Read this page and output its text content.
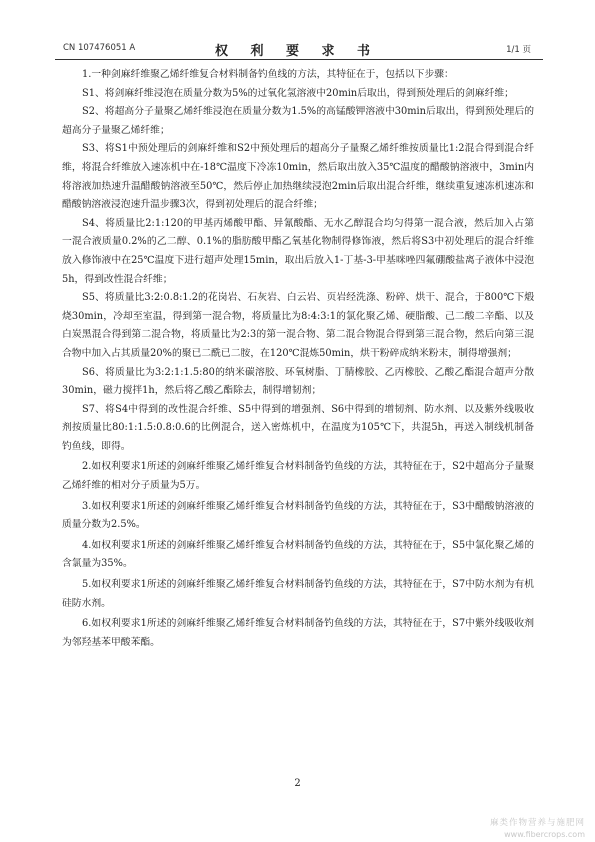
CN 107476051 A	权 利 要 求 书	1/1 页

1.一种剑麻纤维聚乙烯纤维复合材料制备钓鱼线的方法，其特征在于，包括以下步骤：

S1、将剑麻纤维浸泡在质量分数为5%的过氧化氢溶液中20min后取出，得到预处理后的剑麻纤维；

S2、将超高分子量聚乙烯纤维浸泡在质量分数为1.5%的高锰酸钾溶液中30min后取出，得到预处理后的超高分子量聚乙烯纤维；

S3、将S1中预处理后的剑麻纤维和S2中预处理后的超高分子量聚乙烯纤维按质量比1:2混合得到混合纤维，将混合纤维放入速冻机中在-18℃温度下冷冻10min，然后取出放入35℃温度的醋酸钠溶液中，3min内将溶液加热速升温醋酸钠溶液至50℃，然后停止加热继续浸泡2min后取出混合纤维，继续重复速冻机速冻和醋酸钠溶液浸泡速升温步骤3次，得到初处理后的混合纤维；

S4、将质量比2:1:120的甲基丙烯酸甲酯、异氰酸酯、无水乙醇混合均匀得第一混合液，然后加入占第一混合液质量0.2%的乙二醇、0.1%的脂肪酸甲酯乙氧基化物制得修饰液，然后将S3中初处理后的混合纤维放入修饰液中在25℃温度下进行超声处理15min，取出后放入1-丁基-3-甲基咪唑四氟硼酸盐离子液体中浸泡5h，得到改性混合纤维；

S5、将质量比3:2:0.8:1.2的花岗岩、石灰岩、白云岩、页岩经洗涤、粉碎、烘干、混合，于800℃下煅烧30min，冷却至室温，得到第一混合物，将质量比为8:4:3:1的氯化聚乙烯、硬脂酸、己二酸二辛酯、以及白炭黑混合得到第二混合物，将质量比为2:3的第一混合物、第二混合物混合得到第三混合物，然后向第三混合物中加入占其质量20%的聚已二酰已二胺，在120℃混炼50min，烘干粉碎成纳米粉末，制得增强剂；

S6、将质量比为3:2:1:1.5:80的纳米碳溶胶、环氧树脂、丁腈橡胶、乙丙橡胶、乙酸乙酯混合超声分散30min，磁力搅拌1h，然后将乙酸乙酯除去，制得增韧剂；

S7、将S4中得到的改性混合纤维、S5中得到的增强剂、S6中得到的增韧剂、防水剂、以及紫外线吸收剂按质量比80:1:1.5:0.8:0.6的比例混合，送入密炼机中，在温度为105℃下，共混5h，再送入制线机制备钓鱼线，即得。

2.如权利要求1所述的剑麻纤维聚乙烯纤维复合材料制备钓鱼线的方法，其特征在于，S2中超高分子量聚乙烯纤维的相对分子质量为5万。

3.如权利要求1所述的剑麻纤维聚乙烯纤维复合材料制备钓鱼线的方法，其特征在于，S3中醋酸钠溶液的质量分数为2.5%。

4.如权利要求1所述的剑麻纤维聚乙烯纤维复合材料制备钓鱼线的方法，其特征在于，S5中氯化聚乙烯的含氯量为35%。

5.如权利要求1所述的剑麻纤维聚乙烯纤维复合材料制备钓鱼线的方法，其特征在于，S7中防水剂为有机硅防水剂。

6.如权利要求1所述的剑麻纤维聚乙烯纤维复合材料制备钓鱼线的方法，其特征在于，S7中紫外线吸收剂为邻羟基苯甲酸苯酯。

2
麻类作物营养与施肥网
www.fibercrops.com
